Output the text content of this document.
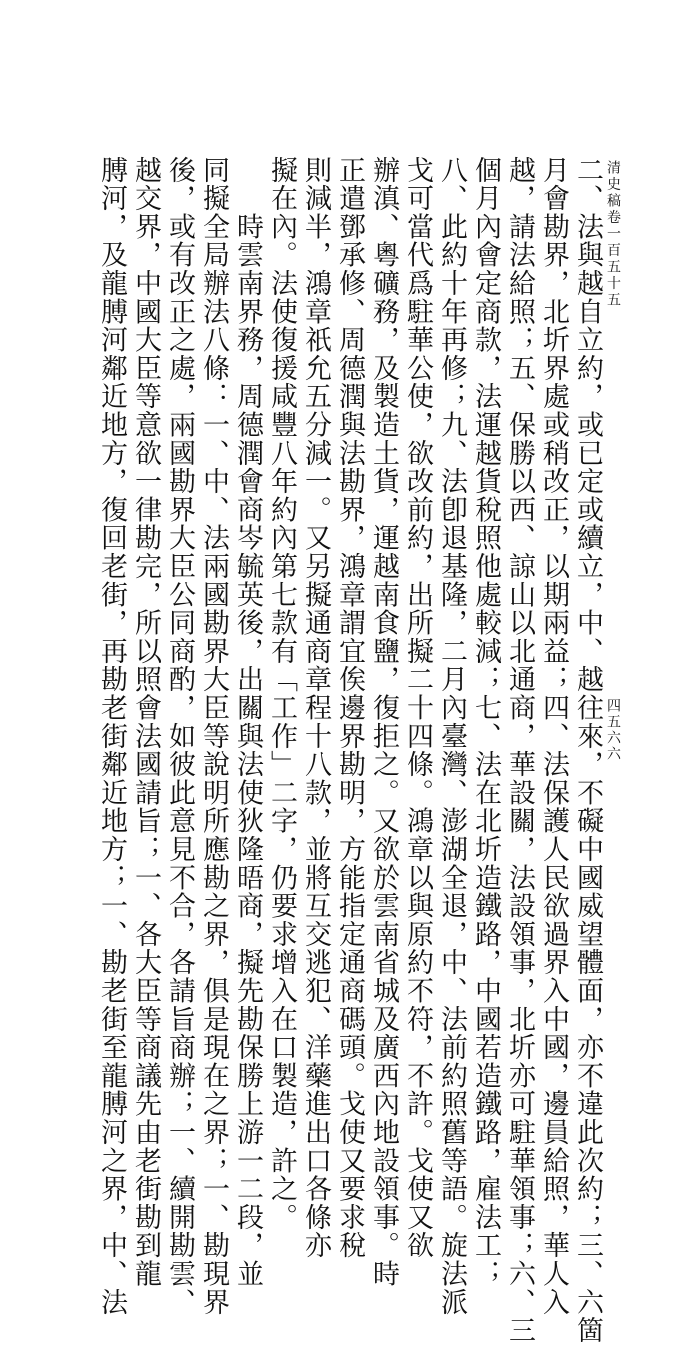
清史稿卷一百五十五
四五六六
二、法與越自立約，或已定或續立，中、越往來，不礙中國威望體面，亦不違此次約；三、六箇
月會勘界，北圻界處或稍改正，以期兩益；四、法保護人民欲過界入中國，邊員給照，華人入
越，請法給照；五、保勝以西、諒山以北通商，華設關，法設領事，北圻亦可駐華領事；六、三
個月內會定商款，法運越貨稅照他處較減；七、法在北圻造鐵路，中國若造鐵路，雇法工；
八、此約十年再修；九、法卽退基隆，二月內臺灣、澎湖全退，中、法前約照舊等語。旋法派
戈可當代爲駐華公使，欲改前約，出所擬二十四條。鴻章以與原約不符，不許。戈使又欲
辦滇、粵礦務，及製造土貨，運越南食鹽，復拒之。又欲於雲南省城及廣西內地設領事。時
正遣鄧承修、周德潤與法勘界，鴻章謂宜俟邊界勘明，方能指定通商碼頭。戈使又要求稅
則減半，鴻章祇允五分減一。又另擬通商章程十八款，並將互交逃犯、洋藥進出口各條亦
擬在內。法使復援咸豐八年約內第七款有「工作」二字，仍要求增入在口製造，許之。
　　時雲南界務，周德潤會商岑毓英後，出關與法使狄隆晤商，擬先勘保勝上游一二段，並
同擬全局辦法八條：一、中、法兩國勘界大臣等說明所應勘之界，俱是現在之界；一、勘現界
後，或有改正之處，兩國勘界大臣公同商酌，如彼此意見不合，各請旨商辦；一、續開勘雲、
越交界，中國大臣等意欲一律勘完，所以照會法國請旨；一、各大臣等商議先由老街勘到龍
膊河，及龍膊河鄰近地方，復回老街，再勘老街鄰近地方；一、勘老街至龍膊河之界，中、法
